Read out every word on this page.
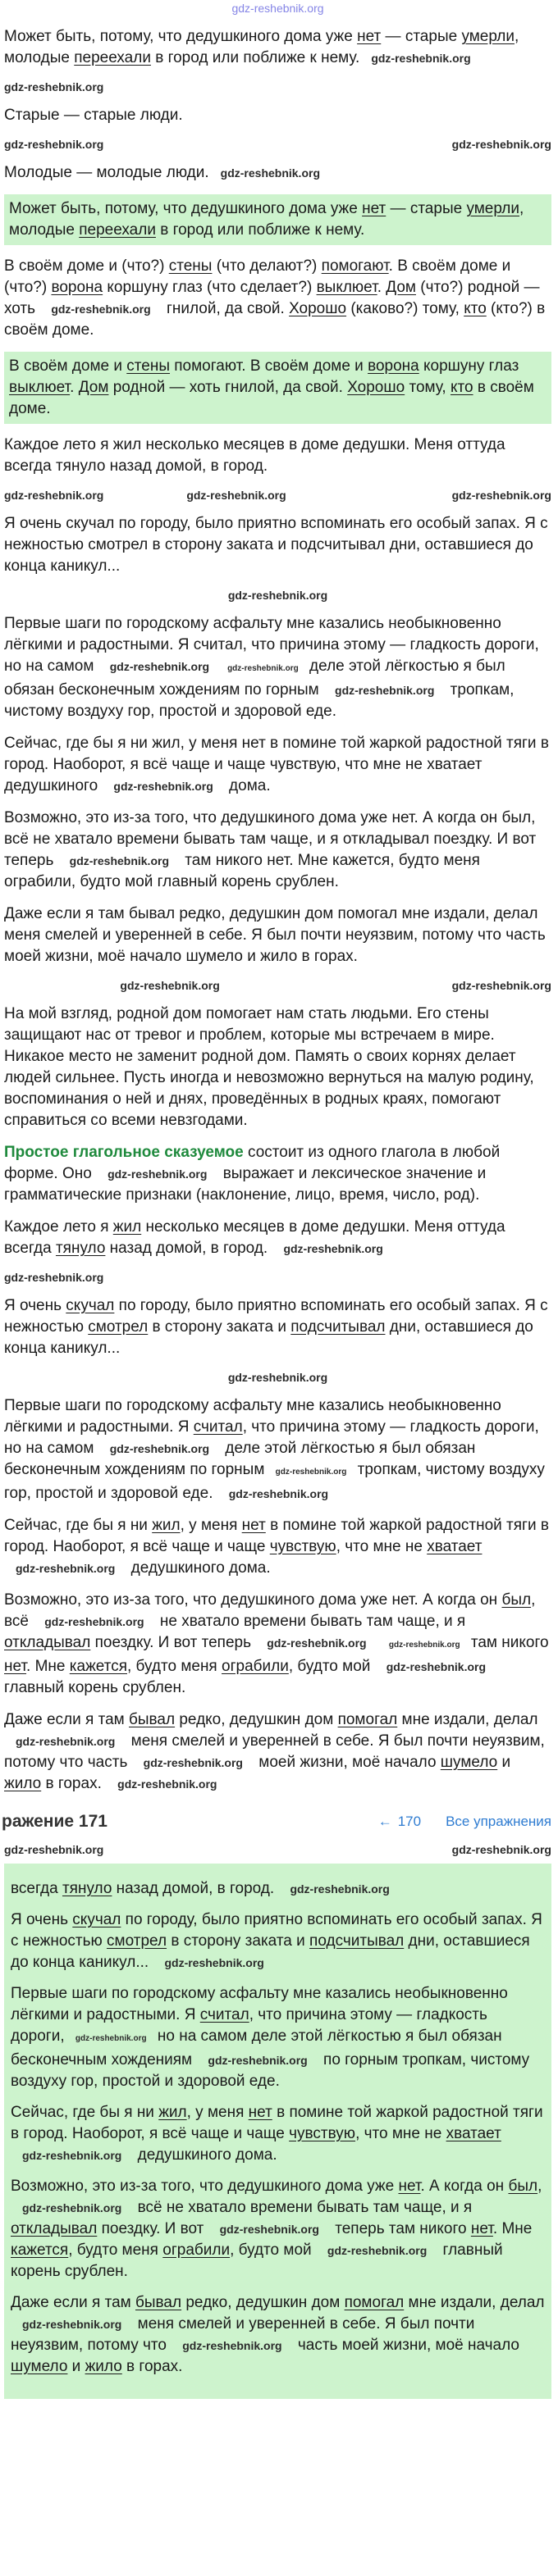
gdz-reshebnik.org

Может быть, потому, что дедушкиного дома уже нет — старые умерли, молодые переехали в город или поближе к нему. gdz-reshebnik.org

gdz-reshebnik.org

Старые — старые люди.

gdz-reshebnik.org	gdz-reshebnik.org

Молодые — молодые люди. gdz-reshebnik.org

Может быть, потому, что дедушкиного дома уже нет — старые умерли, молодые переехали в город или поближе к нему.

В своём доме и (что?) стены (что делают?) помогают. В своём доме и (что?) ворона коршуну глаз (что сделает?) выклюет. Дом (что?) родной — хоть gdz-reshebnik.org гнилой, да свой. Хорошо (каково?) тому, кто (кто?) в своём доме.

В своём доме и стены помогают. В своём доме и ворона коршуну глаз выклюет. Дом родной — хоть гнилой, да свой. Хорошо тому, кто в своём доме.

Каждое лето я жил несколько месяцев в доме дедушки. Меня оттуда всегда тянуло назад домой, в город.

gdz-reshebnik.org	gdz-reshebnik.org	gdz-reshebnik.org

Я очень скучал по городу, было приятно вспоминать его особый запах. Я с нежностью смотрел в сторону заката и подсчитывал дни, оставшиеся до конца каникул...

gdz-reshebnik.org

Первые шаги по городскому асфальту мне казались необыкновенно лёгкими и радостными. Я считал, что причина этому — гладкость дороги, но на самом gdz-reshebnik.org gdz-reshebnik.org деле этой лёгкостью я был обязан бесконечным хождениям по горным gdz-reshebnik.org тропкам, чистому воздуху гор, простой и здоровой еде.

Сейчас, где бы я ни жил, у меня нет в помине той жаркой радостной тяги в город. Наоборот, я всё чаще и чаще чувствую, что мне не хватает дедушкиного gdz-reshebnik.org дома.

Возможно, это из-за того, что дедушкиного дома уже нет. А когда он был, всё не хватало времени бывать там чаще, и я откладывал поездку. И вот теперь gdz-reshebnik.org там никого нет. Мне кажется, будто меня ограбили, будто мой главный корень срублен.

Даже если я там бывал редко, дедушкин дом помогал мне издали, делал меня смелей и уверенней в себе. Я был почти неуязвим, потому что часть моей жизни, моё начало шумело и жило в горах.

gdz-reshebnik.org	gdz-reshebnik.org

На мой взгляд, родной дом помогает нам стать людьми. Его стены защищают нас от тревог и проблем, которые мы встречаем в мире. Никакое место не заменит родной дом. Память о своих корнях делает людей сильнее. Пусть иногда и невозможно вернуться на малую родину, воспоминания о ней и днях, проведённых в родных краях, помогают справиться со всеми невзгодами.

Простое глагольное сказуемое состоит из одного глагола в любой форме. Оно gdz-reshebnik.org выражает и лексическое значение и грамматические признаки (наклонение, лицо, время, число, род).

Каждое лето я жил несколько месяцев в доме дедушки. Меня оттуда всегда тянуло назад домой, в город. gdz-reshebnik.org

gdz-reshebnik.org

Я очень скучал по городу, было приятно вспоминать его особый запах. Я с нежностью смотрел в сторону заката и подсчитывал дни, оставшиеся до конца каникул...

gdz-reshebnik.org

Первые шаги по городскому асфальту мне казались необыкновенно лёгкими и радостными. Я считал, что причина этому — гладкость дороги, но на самом gdz-reshebnik.org деле этой лёгкостью я был обязан бесконечным хождениям по горным gdz-reshebnik.org тропкам, чистому воздуху гор, простой и здоровой еде. gdz-reshebnik.org

Сейчас, где бы я ни жил, у меня нет в помине той жаркой радостной тяги в город. Наоборот, я всё чаще и чаще чувствую, что мне не хватает gdz-reshebnik.org дедушкиного дома.

Возможно, это из-за того, что дедушкиного дома уже нет. А когда он был, всё gdz-reshebnik.org не хватало времени бывать там чаще, и я откладывал поездку. И вот теперь gdz-reshebnik.org	gdz-reshebnik.org там никого нет. Мне кажется, будто меня ограбили, будто мой gdz-reshebnik.org главный корень срублен.

Даже если я там бывал редко, дедушкин дом помогал мне издали, делал gdz-reshebnik.org меня смелей и уверенней в себе. Я был почти неуязвим, потому что часть gdz-reshebnik.org моей жизни, моё начало шумело и жило в горах. gdz-reshebnik.org

ражение 171	← 170 Все упражнения
gdz-reshebnik.org	gdz-reshebnik.org

всегда тянуло назад домой, в город. gdz-reshebnik.org

Я очень скучал по городу, было приятно вспоминать его особый запах. Я с нежностью смотрел в сторону заката и подсчитывал дни, оставшиеся до конца каникул... gdz-reshebnik.org

Первые шаги по городскому асфальту мне казались необыкновенно лёгкими и радостными. Я считал, что причина этому — гладкость дороги, gdz-reshebnik.org но на самом деле этой лёгкостью я был обязан бесконечным хождениям gdz-reshebnik.org по горным тропкам, чистому воздуху гор, простой и здоровой еде.

Сейчас, где бы я ни жил, у меня нет в помине той жаркой радостной тяги в город. Наоборот, я всё чаще и чаще чувствую, что мне не хватает gdz-reshebnik.org дедушкиного дома.

Возможно, это из-за того, что дедушкиного дома уже нет. А когда он был, gdz-reshebnik.org всё не хватало времени бывать там чаще, и я откладывал поездку. И вот gdz-reshebnik.org теперь там никого нет. Мне кажется, будто меня ограбили, будто мой gdz-reshebnik.org главный корень срублен.

Даже если я там бывал редко, дедушкин дом помогал мне издали, делал gdz-reshebnik.org меня смелей и уверенней в себе. Я был почти неуязвим, потому что gdz-reshebnik.org часть моей жизни, моё начало шумело и жило в горах.
